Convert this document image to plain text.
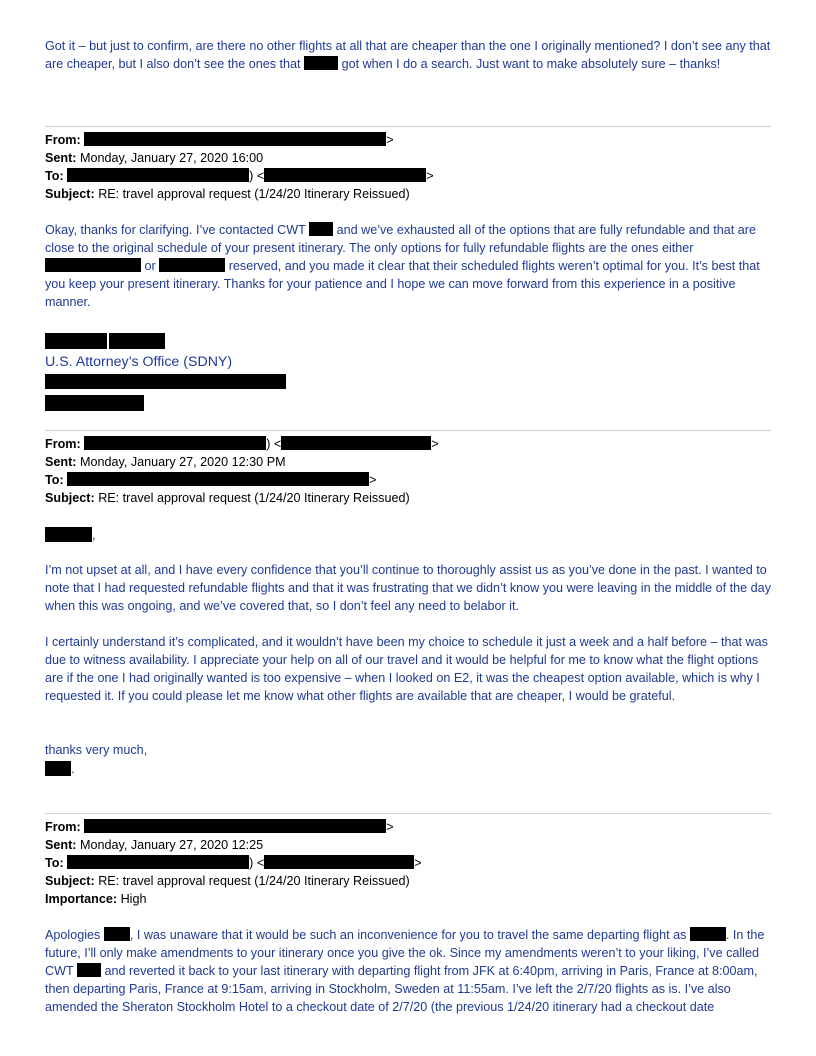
Got it – but just to confirm, are there no other flights at all that are cheaper than the one I originally mentioned? I don’t see any that are cheaper, but I also don’t see the ones that	got when I do a search. Just want to make absolutely sure – thanks!

From:	>
Sent: Monday, January 27, 2020 16:00
To:	) <	>
Subject: RE: travel approval request (1/24/20 Itinerary Reissued)

Okay, thanks for clarifying. I’ve contacted CWT and we’ve exhausted all of the options that are fully refundable and that are close to the original schedule of your present itinerary. The only options for fully refundable flights are the ones either  or	reserved, and you made it clear that their scheduled flights weren’t optimal for you. It’s best that you keep your present itinerary. Thanks for your patience and I hope we can move forward from this experience in a positive manner.

U.S. Attorney’s Office (SDNY)
From:	) <	>
Sent: Monday, January 27, 2020 12:30 PM
To:	>
Subject: RE: travel approval request (1/24/20 Itinerary Reissued)
,

I’m not upset at all, and I have every confidence that you’ll continue to thoroughly assist us as you’ve done in the past. I wanted to note that I had requested refundable flights and that it was frustrating that we didn’t know you were leaving in the middle of the day when this was ongoing, and we’ve covered that, so I don’t feel any need to belabor it.

I certainly understand it’s complicated, and it wouldn’t have been my choice to schedule it just a week and a half before – that was due to witness availability. I appreciate your help on all of our travel and it would be helpful for me to know what the flight options are if the one I had originally wanted is too expensive – when I looked on E2, it was the cheapest option available, which is why I requested it. If you could please let me know what other flights are available that are cheaper, I would be grateful.

thanks very much,

.
From:	>
Sent: Monday, January 27, 2020 12:25
To:	) <	>
Subject: RE: travel approval request (1/24/20 Itinerary Reissued)
Importance: High

Apologies , I was unaware that it would be such an inconvenience for you to travel the same departing flight as	. In the future, I’ll only make amendments to your itinerary once you give the ok. Since my amendments weren’t to your liking, I’ve called CWT and reverted it back to your last itinerary with departing flight from JFK at 6:40pm, arriving in Paris, France at 8:00am, then departing Paris, France at 9:15am, arriving in Stockholm, Sweden at 11:55am. I’ve left the 2/7/20 flights as is. I’ve also amended the Sheraton Stockholm Hotel to a checkout date of 2/7/20 (the previous 1/24/20 itinerary had a checkout date
